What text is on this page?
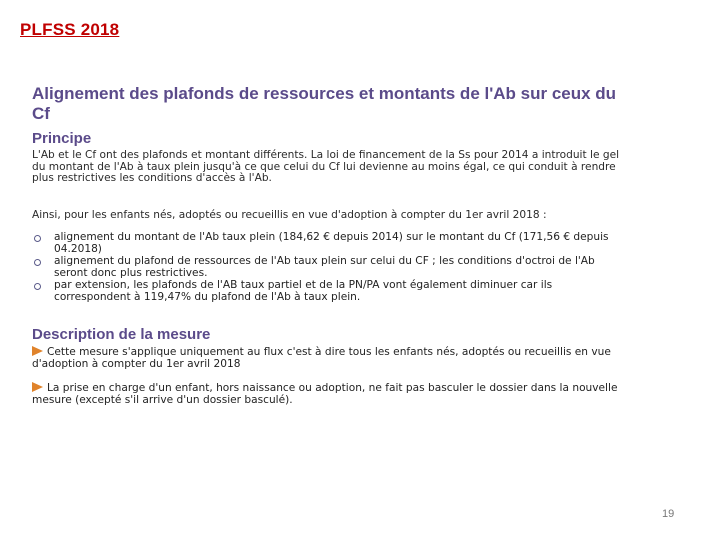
PLFSS 2018
Alignement des plafonds de ressources et montants de l'Ab sur ceux du Cf
Principe

L'Ab et le Cf ont des plafonds et montant différents. La loi de financement de la Ss pour 2014 a introduit le gel du montant de l'Ab à taux plein jusqu'à ce que celui du Cf lui devienne au moins égal, ce qui conduit à rendre plus restrictives les conditions d'accès à l'Ab.

Ainsi, pour les enfants nés, adoptés ou recueillis en vue d'adoption à compter du 1er avril 2018 :

alignement du montant de l'Ab taux plein (184,62 € depuis 2014) sur le montant du Cf (171,56 € depuis 04.2018)
alignement du plafond de ressources de l'Ab taux plein sur celui du CF ; les conditions d'octroi de l'Ab seront donc plus restrictives.
par extension, les plafonds de l'AB taux partiel et de la PN/PA vont également diminuer car ils correspondent à 119,47% du plafond de l'Ab à taux plein.
Description de la mesure

Cette mesure s'applique uniquement au flux c'est à dire tous les enfants nés, adoptés ou recueillis en vue d'adoption à compter du 1er avril 2018

La prise en charge d'un enfant, hors naissance ou adoption, ne fait pas basculer le dossier dans la nouvelle mesure (excepté s'il arrive d'un dossier basculé).

19
